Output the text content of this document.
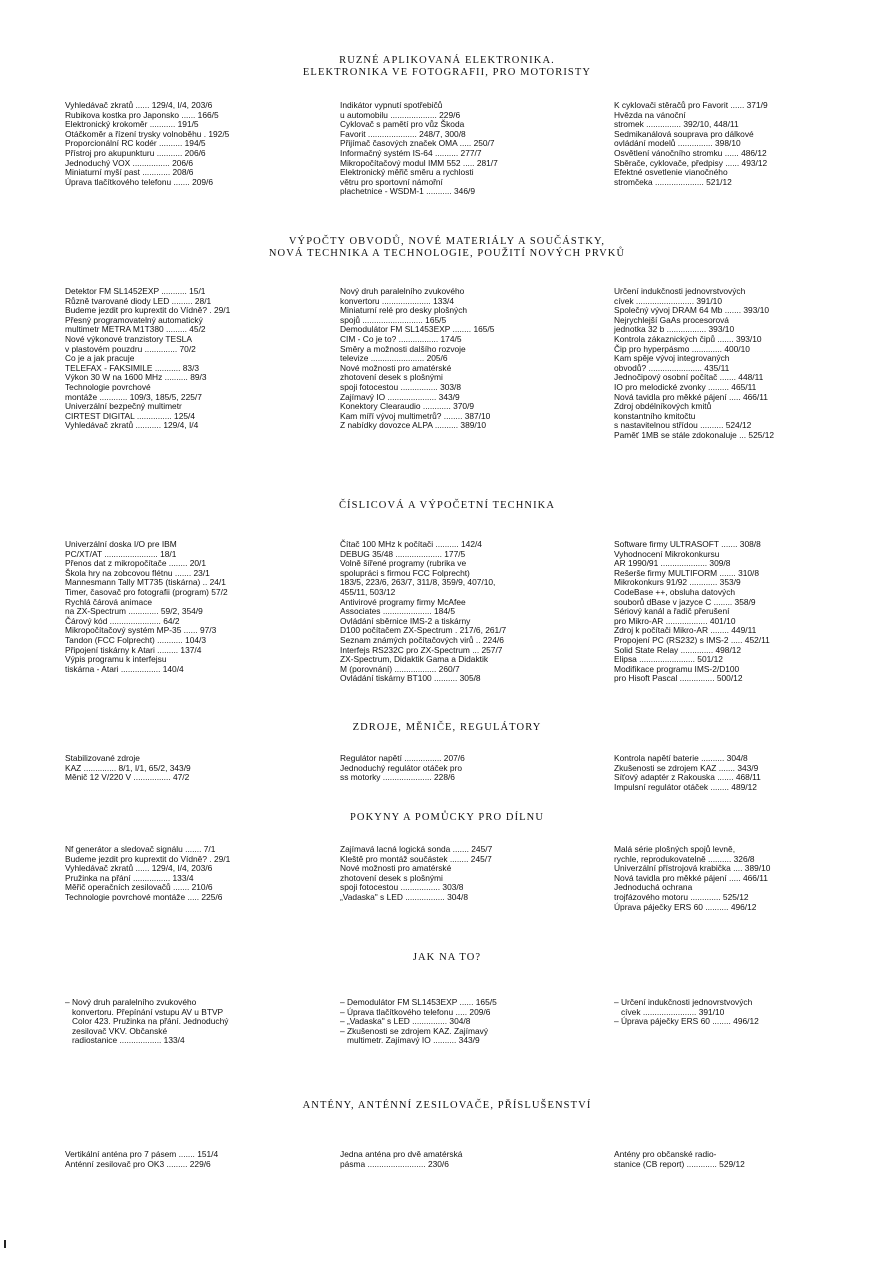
RUZNÉ APLIKOVANÁ ELEKTRONIKA.
ELEKTRONIKA VE FOTOGRAFII, PRO MOTORISTY
Vyhledávač zkratů ...... 129/4, I/4, 203/6
Rubikova kostka pro Japonsko ...... 166/5
Elektronický krokoměr ........... 191/5
Otáčkoměr a řízení trysky volnoběhu . 192/5
Proporcionální RC kodér .......... 194/5
Přístroj pro akupunkturu ........... 206/6
Jednoduchý VOX ................ 206/6
Miniaturní myší past ............ 208/6
Úprava tlačítkového telefonu ....... 209/6
Indikátor vypnutí spotřebičů
u automobilu .................... 229/6
Cyklovač s pamětí pro vůz Škoda
Favorit ..................... 248/7, 300/8
Přijímač časových značek OMA ..... 250/7
Informačný systém IS-64 .......... 277/7
Mikropočítačový modul IMM 552 ..... 281/7
Elektronický měřič směru a rychlosti
větru pro sportovní námořní
plachetnice - WSDM-1 ........... 346/9
K cyklovači stěračů pro Favorit ...... 371/9
Hvězda na vánoční
stromek ............... 392/10, 448/11
Sedmikanálová souprava pro dálkové
ovládání modelů ............... 398/10
Osvětlení vánočního stromku ...... 486/12
Sběrače, cyklovače, předpisy ...... 493/12
Efektné osvetlenie vianočného
stromčeka ..................... 521/12
VÝPOČTY OBVODŮ, NOVÉ MATERIÁLY A SOUČÁSTKY,
NOVÁ TECHNIKA A TECHNOLOGIE, POUŽITÍ NOVÝCH PRVKŮ
Detektor FM SL1452EXP ........... 15/1
Různě tvarované diody LED ......... 28/1
Budeme jezdit pro kuprextit do Vídně? . 29/1
Přesný programovatelný automatický
multimetr METRA M1T380 ......... 45/2
Nové výkonové tranzistory TESLA
v plastovém pouzdru .............. 70/2
Co je a jak pracuje
TELEFAX - FAKSIMILE ........... 83/3
Výkon 30 W na 1600 MHz .......... 89/3
Technologie povrchové
montáže ............ 109/3, 185/5, 225/7
Univerzální bezpečný multimetr
CIRTEST DIGITAL ............... 125/4
Vyhledávač zkratů ........... 129/4, I/4
Nový druh paralelního zvukového
konvertoru ..................... 133/4
Miniaturní relé pro desky plošných
spojů .......................... 165/5
Demodulátor FM SL1453EXP ........ 165/5
CIM - Co je to? ................. 174/5
Směry a možnosti dalšího rozvoje
televize ....................... 205/6
Nové možnosti pro amatérské
zhotovení desek s plošnými
spoji fotocestou ................ 303/8
Zajímavý IO ..................... 343/9
Konektory Clearaudio ............ 370/9
Kam míří vývoj multimetrů? ........ 387/10
Z nabídky dovozce ALPA .......... 389/10
Určení indukčnosti jednovrstvových
cívek ......................... 391/10
Společný vývoj DRAM 64 Mb ....... 393/10
Nejrychlejší GaAs procesorová
jednotka 32 b ................. 393/10
Kontrola zákaznických čipů ....... 393/10
Čip pro hyperpásmo ............. 400/10
Kam spěje vývoj integrovaných
obvodů? ....................... 435/11
Jednočipový osobní počítač ....... 448/11
IO pro melodické zvonky ......... 465/11
Nová tavidla pro měkké pájení ..... 466/11
Zdroj obdélníkových kmitů
konstantního kmitočtu
s nastavitelnou střídou .......... 524/12
Paměť 1MB se stále zdokonaluje ... 525/12
ČÍSLICOVÁ A VÝPOČETNÍ TECHNIKA
Univerzální doska I/O pre IBM
PC/XT/AT ....................... 18/1
Přenos dat z mikropočítače ........ 20/1
Škola hry na zobcovou flétnu ....... 23/1
Mannesmann Tally MT735 (tiskárna) .. 24/1
Timer, časovač pro fotografii (program) 57/2
Rychlá čárová animace
na ZX-Spectrum ............. 59/2, 354/9
Čárový kód ...................... 64/2
Mikropočítačový systém MP-35 ...... 97/3
Tandon (FCC Folprecht) ........... 104/3
Připojení tiskárny k Atari ......... 137/4
Výpis programu k interfejsu
tiskárna - Atari ................. 140/4
Čítač 100 MHz k počítači .......... 142/4
DEBUG 35/48 .................... 177/5
Volně šířené programy (rubrika ve
spolupráci s firmou FCC Folprecht)
183/5, 223/6, 263/7, 311/8, 359/9, 407/10,
455/11, 503/12
Antivirové programy firmy McAfee
Associates ..................... 184/5
Ovládání sběrnice IMS-2 a tiskárny
D100 počítačem ZX-Spectrum . 217/6, 261/7
Seznam známých počítačových virů .. 224/6
Interfejs RS232C pro ZX-Spectrum ... 257/7
ZX-Spectrum, Didaktik Gama a Didaktik
M (porovnání) .................. 260/7
Ovládání tiskárny BT100 .......... 305/8
Software firmy ULTRASOFT ....... 308/8
Vyhodnocení Mikrokonkursu
AR 1990/91 .................... 309/8
Rešerše firmy MULTIFORM ....... 310/8
Mikrokonkurs 91/92 ............ 353/9
CodeBase ++, obsluha datových
souborů dBase v jazyce C ........ 358/9
Sériový kanál a řadič přerušení
pro Mikro-AR .................. 401/10
Zdroj k počítači Mikro-AR ........ 449/11
Propojení PC (RS232) s IMS-2 ..... 452/11
Solid State Relay .............. 498/12
Elipsa ........................ 501/12
Modifikace programu IMS-2/D100
pro Hisoft Pascal ............... 500/12
ZDROJE, MĚNIČE, REGULÁTORY
Stabilizované zdroje
KAZ .............. 8/1, I/1, 65/2, 343/9
Měnič 12 V/220 V ................ 47/2
Regulátor napětí ................ 207/6
Jednoduchý regulátor otáček pro
ss motorky ..................... 228/6
Kontrola napětí baterie .......... 304/8
Zkušenosti se zdrojem KAZ ....... 343/9
Síťový adaptér z Rakouska ....... 468/11
Impulsní regulátor otáček ........ 489/12
POKYNY A POMŮCKY PRO DÍLNU
Nf generátor a sledovač signálu ....... 7/1
Budeme jezdit pro kuprextit do Vídně? . 29/1
Vyhledávač zkratů ...... 129/4, I/4, 203/6
Pružinka na přání ................ 133/4
Měřič operačních zesilovačů ....... 210/6
Technologie povrchové montáže ..... 225/6
Zajímavá lacná logická sonda ....... 245/7
Kleště pro montáž součástek ........ 245/7
Nové možnosti pro amatérské
zhotovení desek s plošnými
spoji fotocestou ................. 303/8
„Vadaska" s LED ................. 304/8
Malá série plošných spojů levně,
rychle, reprodukovatelně .......... 326/8
Univerzální přístrojová krabička .... 389/10
Nová tavidla pro měkké pájení ..... 466/11
Jednoduchá ochrana
trojfázového motoru ............. 525/12
Úprava páječky ERS 60 .......... 496/12
JAK NA TO?
– Nový druh paralelního zvukového
konvertoru. Přepínání vstupu AV u BTVP
Color 423. Pružinka na přání. Jednoduchý
zesilovač VKV. Občanské
radiostanice .................. 133/4
– Demodulátor FM SL1453EXP ...... 165/5
– Úprava tlačítkového telefonu ..... 209/6
– „Vadaska" s LED ............... 304/8
– Zkušenosti se zdrojem KAZ. Zajímavý
multimetr. Zajímavý IO .......... 343/9
– Určení indukčnosti jednovrstvových
cívek ....................... 391/10
– Úprava páječky ERS 60 ........ 496/12
ANTÉNY, ANTÉNNÍ ZESILOVAČE, PŘÍSLUŠENSTVÍ
Vertikální anténa pro 7 pásem ....... 151/4
Anténní zesilovač pro OK3 ......... 229/6
Jedna anténa pro dvě amatérská
pásma ......................... 230/6
Antény pro občanské radio-
stanice (CB report) ............. 529/12
